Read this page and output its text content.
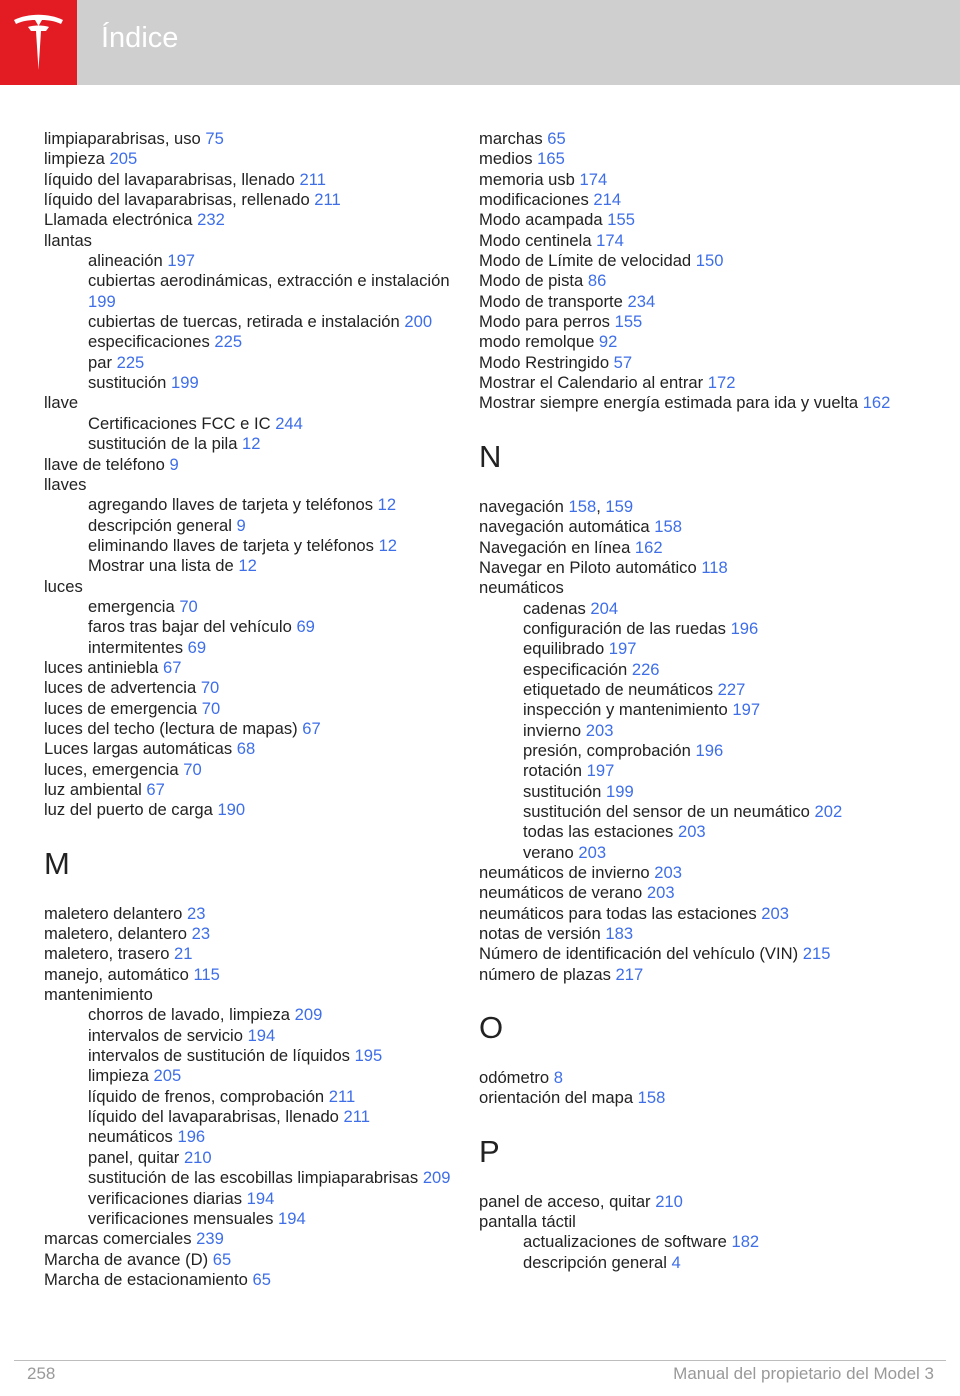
Índice
limpiaparabrisas, uso 75
limpieza 205
líquido del lavaparabrisas, llenado 211
líquido del lavaparabrisas, rellenado 211
Llamada electrónica 232
llantas
alineación 197
cubiertas aerodinámicas, extracción e instalación 199
cubiertas de tuercas, retirada e instalación 200
especificaciones 225
par 225
sustitución 199
llave
Certificaciones FCC e IC 244
sustitución de la pila 12
llave de teléfono 9
llaves
agregando llaves de tarjeta y teléfonos 12
descripción general 9
eliminando llaves de tarjeta y teléfonos 12
Mostrar una lista de 12
luces
emergencia 70
faros tras bajar del vehículo 69
intermitentes 69
luces antiniebla 67
luces de advertencia 70
luces de emergencia 70
luces del techo (lectura de mapas) 67
Luces largas automáticas 68
luces, emergencia 70
luz ambiental 67
luz del puerto de carga 190
M
maletero delantero 23
maletero, delantero 23
maletero, trasero 21
manejo, automático 115
mantenimiento
chorros de lavado, limpieza 209
intervalos de servicio 194
intervalos de sustitución de líquidos 195
limpieza 205
líquido de frenos, comprobación 211
líquido del lavaparabrisas, llenado 211
neumáticos 196
panel, quitar 210
sustitución de las escobillas limpiaparabrisas 209
verificaciones diarias 194
verificaciones mensuales 194
marcas comerciales 239
Marcha de avance (D) 65
Marcha de estacionamiento 65
marchas 65
medios 165
memoria usb 174
modificaciones 214
Modo acampada 155
Modo centinela 174
Modo de Límite de velocidad 150
Modo de pista 86
Modo de transporte 234
Modo para perros 155
modo remolque 92
Modo Restringido 57
Mostrar el Calendario al entrar 172
Mostrar siempre energía estimada para ida y vuelta 162
N
navegación 158, 159
navegación automática 158
Navegación en línea 162
Navegar en Piloto automático 118
neumáticos
cadenas 204
configuración de las ruedas 196
equilibrado 197
especificación 226
etiquetado de neumáticos 227
inspección y mantenimiento 197
invierno 203
presión, comprobación 196
rotación 197
sustitución 199
sustitución del sensor de un neumático 202
todas las estaciones 203
verano 203
neumáticos de invierno 203
neumáticos de verano 203
neumáticos para todas las estaciones 203
notas de versión 183
Número de identificación del vehículo (VIN) 215
número de plazas 217
O
odómetro 8
orientación del mapa 158
P
panel de acceso, quitar 210
pantalla táctil
actualizaciones de software 182
descripción general 4
258	Manual del propietario del Model 3
